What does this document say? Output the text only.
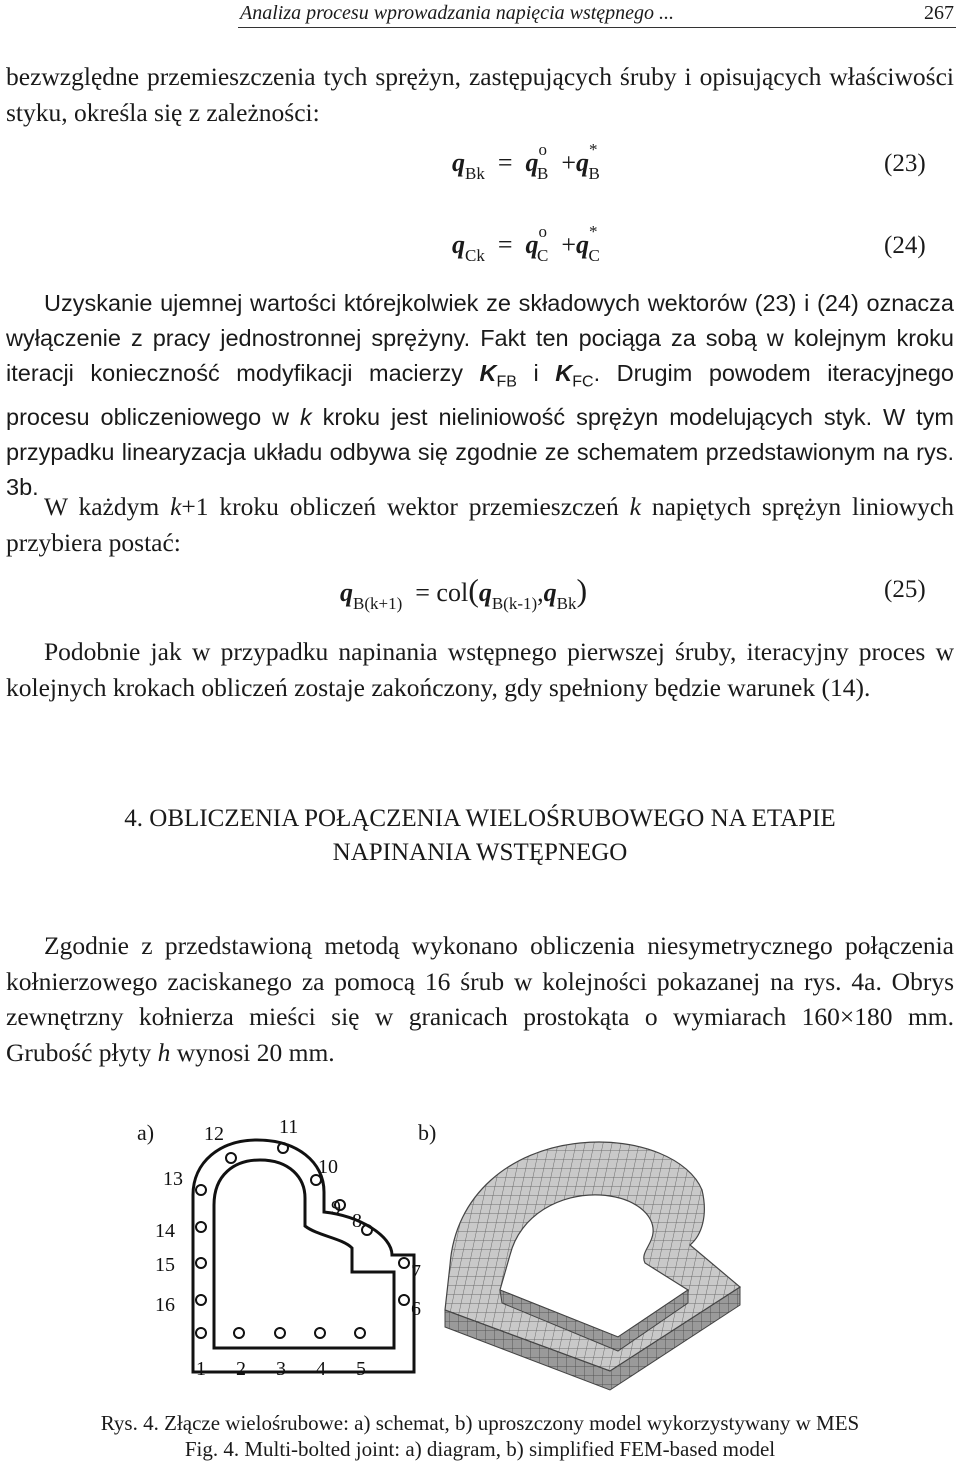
Analiza procesu wprowadzania napięcia wstępnego ...	267

bezwzględne przemieszczenia tych sprężyn, zastępujących śruby i opisujących właściwości styku, określa się z zależności:

$q_{Bk} = q^o_B +q^*_B$	(23)
$q_{Ck} = q^o_C +q^*_C$	(24)

Uzyskanie ujemnej wartości którejkolwiek ze składowych wektorów (23) i (24) oznacza wyłączenie z pracy jednostronnej sprężyny. Fakt ten pociąga za sobą w kolejnym kroku iteracji konieczność modyfikacji macierzy $K_{FB}$ i $K_{FC}$. Drugim powodem iteracyjnego procesu obliczeniowego w k kroku jest nieliniowość sprężyn modelujących styk. W tym przypadku linearyzacja układu odbywa się zgodnie ze schematem przedstawionym na rys. 3b.

W każdym k+1 kroku obliczeń wektor przemieszczeń k napiętych sprężyn liniowych przybiera postać:

$q_{B(k+1)} = col(q_{B(k-1)},q_{Bk})$	(25)

Podobnie jak w przypadku napinania wstępnego pierwszej śruby, iteracyjny proces w kolejnych krokach obliczeń zostaje zakończony, gdy spełniony będzie warunek (14).

4. OBLICZENIA POŁĄCZENIA WIELOŚRUBOWEGO NA ETAPIE
NAPINANIA WSTĘPNEGO

Zgodnie z przedstawioną metodą wykonano obliczenia niesymetrycznego połączenia kołnierzowego zaciskanego za pomocą 16 śrub w kolejności pokazanej na rys. 4a. Obrys zewnętrzny kołnierza mieści się w granicach prostokąta o wymiarach 160×180 mm. Grubość płyty h wynosi 20 mm.

a)	b)
1 2 3 4 5
6
7
8
9
10
11
12
13
14
15
16
Rys. 4. Złącze wielośrubowe: a) schemat, b) uproszczony model wykorzystywany w MES
Fig. 4. Multi-bolted joint: a) diagram, b) simplified FEM-based model
